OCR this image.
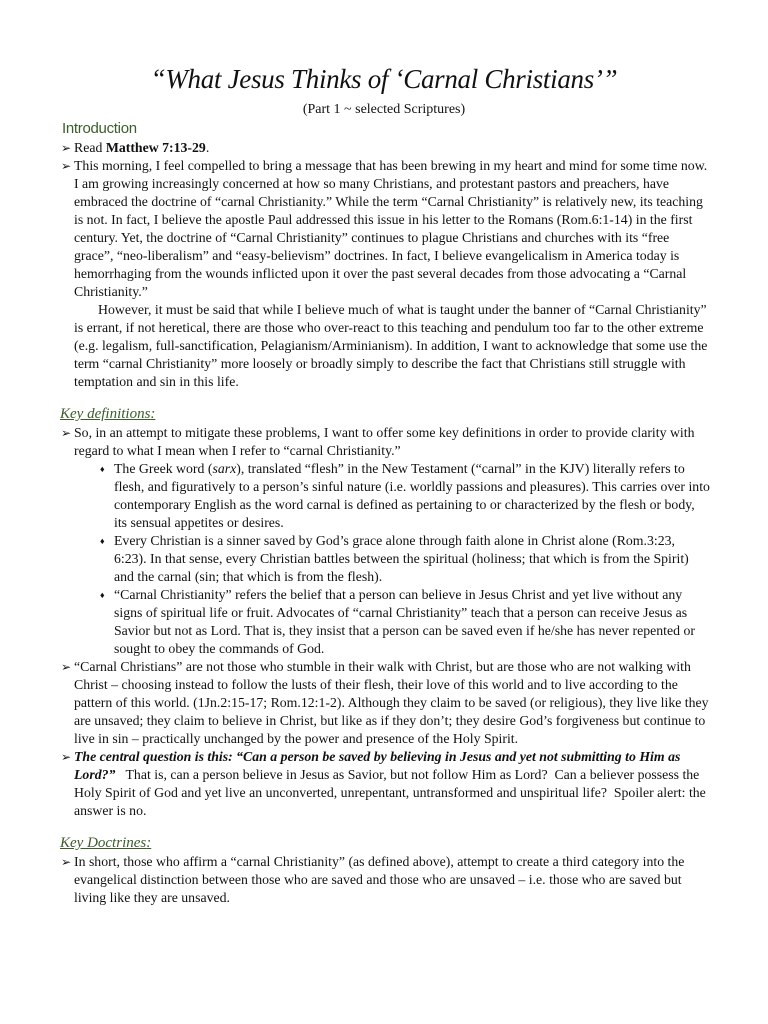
“What Jesus Thinks of ‘Carnal Christians’”
(Part 1 ~ selected Scriptures)
Introduction

➢ Read Matthew 7:13-29.

➢ This morning, I feel compelled to bring a message that has been brewing in my heart and mind for some time now. I am growing increasingly concerned at how so many Christians, and protestant pastors and preachers, have embraced the doctrine of “carnal Christianity.” While the term “Carnal Christianity” is relatively new, its teaching is not. In fact, I believe the apostle Paul addressed this issue in his letter to the Romans (Rom.6:1-14) in the first century. Yet, the doctrine of “Carnal Christianity” continues to plague Christians and churches with its “free grace”, “neo-liberalism” and “easy-believism” doctrines. In fact, I believe evangelicalism in America today is hemorrhaging from the wounds inflicted upon it over the past several decades from those advocating a “Carnal Christianity.”

However, it must be said that while I believe much of what is taught under the banner of “Carnal Christianity” is errant, if not heretical, there are those who over-react to this teaching and pendulum too far to the other extreme (e.g. legalism, full-sanctification, Pelagianism/Arminianism). In addition, I want to acknowledge that some use the term “carnal Christianity” more loosely or broadly simply to describe the fact that Christians still struggle with temptation and sin in this life.

Key definitions:

➢ So, in an attempt to mitigate these problems, I want to offer some key definitions in order to provide clarity with regard to what I mean when I refer to “carnal Christianity.”

♦ The Greek word (sarx), translated “flesh” in the New Testament (“carnal” in the KJV) literally refers to flesh, and figuratively to a person’s sinful nature (i.e. worldly passions and pleasures). This carries over into contemporary English as the word carnal is defined as pertaining to or characterized by the flesh or body, its sensual appetites or desires.

♦ Every Christian is a sinner saved by God’s grace alone through faith alone in Christ alone (Rom.3:23, 6:23). In that sense, every Christian battles between the spiritual (holiness; that which is from the Spirit) and the carnal (sin; that which is from the flesh).

♦ “Carnal Christianity” refers the belief that a person can believe in Jesus Christ and yet live without any signs of spiritual life or fruit. Advocates of “carnal Christianity” teach that a person can receive Jesus as Savior but not as Lord. That is, they insist that a person can be saved even if he/she has never repented or sought to obey the commands of God.

➢ “Carnal Christians” are not those who stumble in their walk with Christ, but are those who are not walking with Christ – choosing instead to follow the lusts of their flesh, their love of this world and to live according to the pattern of this world. (1Jn.2:15-17; Rom.12:1-2). Although they claim to be saved (or religious), they live like they are unsaved; they claim to believe in Christ, but like as if they don’t; they desire God’s forgiveness but continue to live in sin – practically unchanged by the power and presence of the Holy Spirit.

➢ The central question is this: “Can a person be saved by believing in Jesus and yet not submitting to Him as Lord?”   That is, can a person believe in Jesus as Savior, but not follow Him as Lord?  Can a believer possess the Holy Spirit of God and yet live an unconverted, unrepentant, untransformed and unspiritual life?  Spoiler alert: the answer is no.

Key Doctrines:

➢ In short, those who affirm a “carnal Christianity” (as defined above), attempt to create a third category into the evangelical distinction between those who are saved and those who are unsaved – i.e. those who are saved but living like they are unsaved.
